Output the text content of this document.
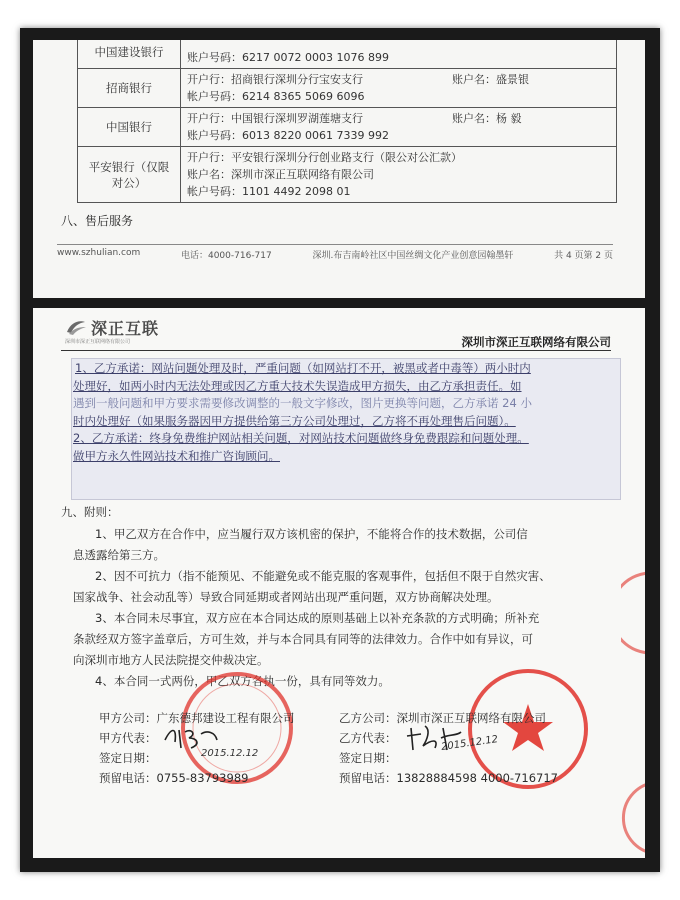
中国建设银行	账户号码：6217 0072 0003 1076 899

招商银行	开户行：招商银行深圳分行宝安支行 账户名：盛景银
帐户号码：6214 8365 5069 6096

中国银行	开户行：中国银行深圳罗湖莲塘支行 账户名：杨 毅
账户号码：6013 8220 0061 7339 992

平安银行（仅限对公）	开户行：平安银行深圳分行创业路支行（限公对公汇款）
账户名：深圳市深正互联网络有限公司
帐户号码：1101 4492 2098 01
八、售后服务
www.szhulian.com	电话：4000-716-717	深圳.布吉南岭社区中国丝绸文化产业创意园翰墨轩	共 4 页第 2 页
深正互联
深圳市深正互联网络有限公司	深圳市深正互联网络有限公司
1、乙方承诺：网站问题处理及时，严重问题（如网站打不开，被黑或者中毒等）两小时内
处理好，如两小时内无法处理或因乙方重大技术失误造成甲方损失，由乙方承担责任。如
遇到一般问题和甲方要求需要修改调整的一般文字修改，图片更换等问题，乙方承诺 24 小
时内处理好（如果服务器因甲方提供给第三方公司处理过，乙方将不再处理售后问题）。
2、乙方承诺：终身免费维护网站相关问题，对网站技术问题做终身免费跟踪和问题处理。
做甲方永久性网站技术和推广咨询顾问。
九、附则：
1、甲乙双方在合作中，应当履行双方该机密的保护，不能将合作的技术数据，公司信
息透露给第三方。
2、因不可抗力（指不能预见、不能避免或不能克服的客观事件，包括但不限于自然灾害、
国家战争、社会动乱等）导致合同延期或者网站出现严重问题，双方协商解决处理。
3、本合同未尽事宜，双方应在本合同达成的原则基础上以补充条款的方式明确；所补充
条款经双方签字盖章后，方可生效，并与本合同具有同等的法律效力。合作中如有异议，可
向深圳市地方人民法院提交仲裁决定。
4、本合同一式两份，甲乙双方各执一份，具有同等效力。
甲方公司：广东德邦建设工程有限公司
甲方代表：
签定日期：
预留电话：0755-83793989
2015.12.12
乙方公司：深圳市深正互联网络有限公司
乙方代表：
签定日期：
预留电话：13828884598 4000-716717
2015.12.12
